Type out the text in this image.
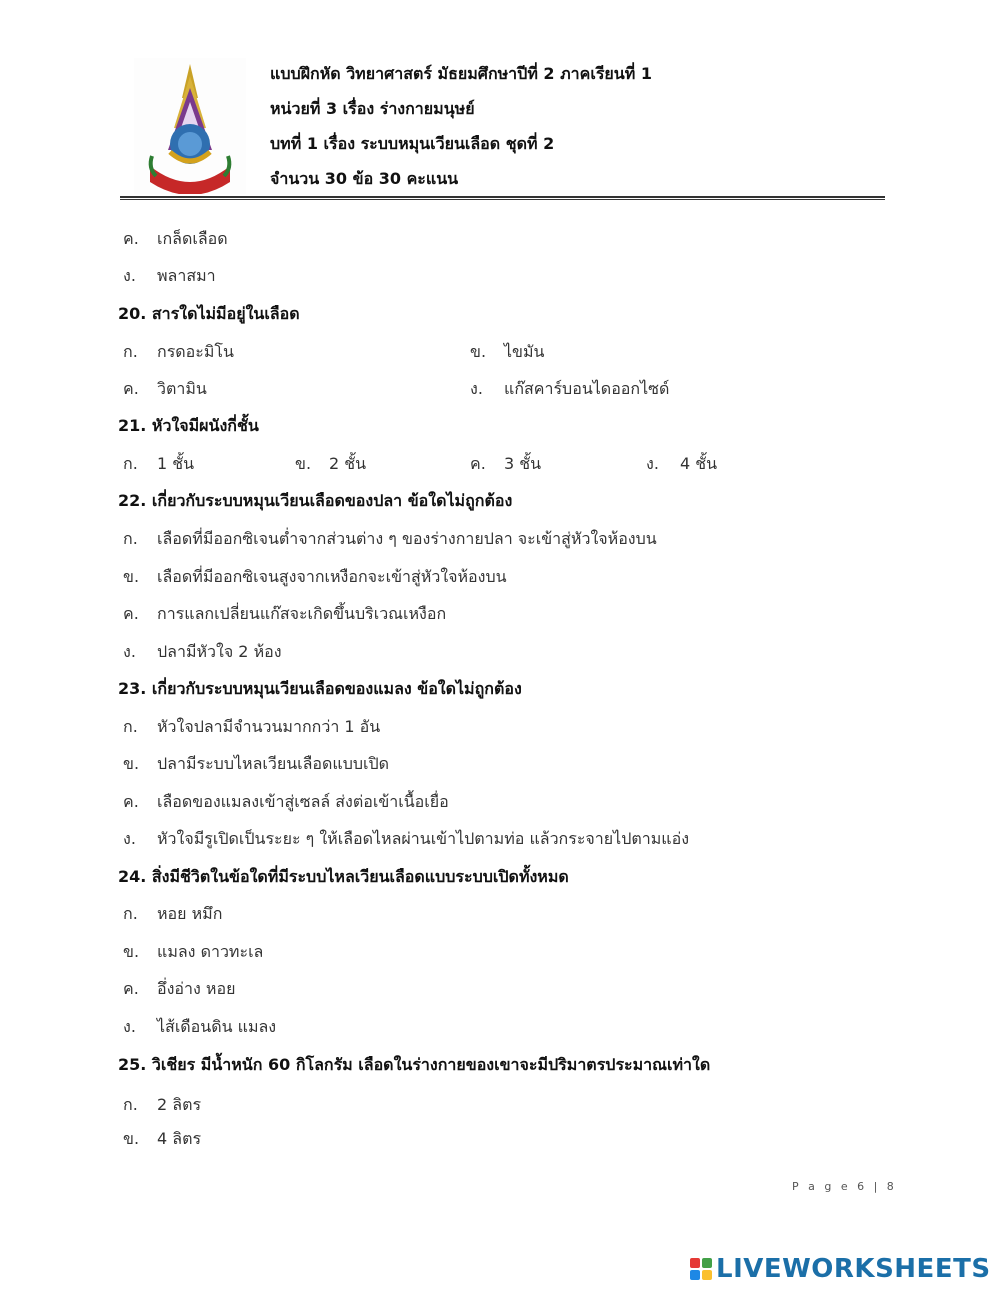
แบบฝึกหัด วิทยาศาสตร์ มัธยมศึกษาปีที่ 2 ภาคเรียนที่ 1
หน่วยที่ 3 เรื่อง ร่างกายมนุษย์
บทที่ 1 เรื่อง ระบบหมุนเวียนเลือด ชุดที่ 2
จำนวน 30 ข้อ 30 คะแนน
ค. เกล็ดเลือด
ง. พลาสมา
20. สารใดไม่มีอยู่ในเลือด
ก. กรดอะมิโน	ข. ไขมัน
ค. วิตามิน	ง. แก๊สคาร์บอนไดออกไซด์
21. หัวใจมีผนังกี่ชั้น
ก. 1 ชั้น	ข. 2 ชั้น	ค. 3 ชั้น	ง. 4 ชั้น
22. เกี่ยวกับระบบหมุนเวียนเลือดของปลา ข้อใดไม่ถูกต้อง
ก. เลือดที่มีออกซิเจนต่ำจากส่วนต่าง ๆ ของร่างกายปลา จะเข้าสู่หัวใจห้องบน
ข. เลือดที่มีออกซิเจนสูงจากเหงือกจะเข้าสู่หัวใจห้องบน
ค. การแลกเปลี่ยนแก๊สจะเกิดขึ้นบริเวณเหงือก
ง. ปลามีหัวใจ 2 ห้อง
23. เกี่ยวกับระบบหมุนเวียนเลือดของแมลง ข้อใดไม่ถูกต้อง
ก. หัวใจปลามีจำนวนมากกว่า 1 อัน
ข. ปลามีระบบไหลเวียนเลือดแบบเปิด
ค. เลือดของแมลงเข้าสู่เซลล์ ส่งต่อเข้าเนื้อเยื่อ
ง. หัวใจมีรูเปิดเป็นระยะ ๆ ให้เลือดไหลผ่านเข้าไปตามท่อ แล้วกระจายไปตามแอ่ง
24. สิ่งมีชีวิตในข้อใดที่มีระบบไหลเวียนเลือดแบบระบบเปิดทั้งหมด
ก. หอย หมึก
ข. แมลง ดาวทะเล
ค. อึ่งอ่าง หอย
ง. ไส้เดือนดิน แมลง
25. วิเชียร มีน้ำหนัก 60 กิโลกรัม เลือดในร่างกายของเขาจะมีปริมาตรประมาณเท่าใด
ก. 2 ลิตร
ข. 4 ลิตร
P a g e 6 | 8
LIVEWORKSHEETS
